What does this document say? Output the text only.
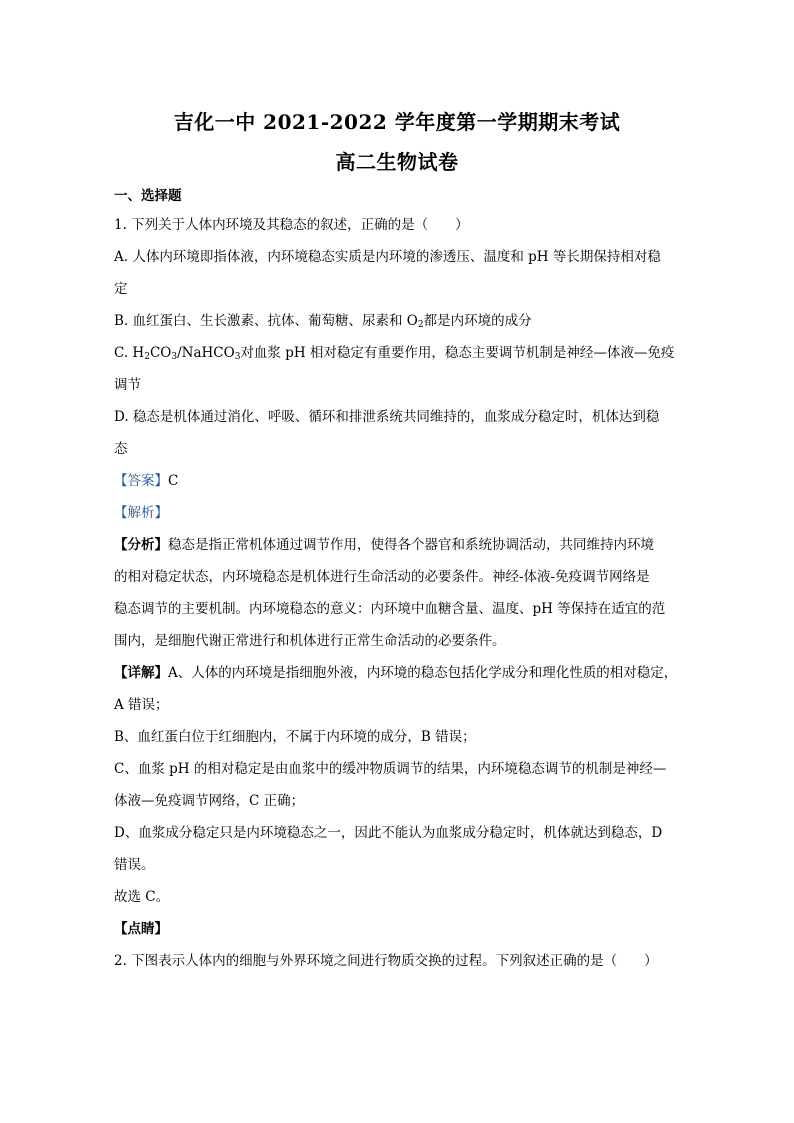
吉化一中 2021-2022 学年度第一学期期末考试
高二生物试卷
一、选择题
1. 下列关于人体内环境及其稳态的叙述，正确的是（　　）
A. 人体内环境即指体液，内环境稳态实质是内环境的渗透压、温度和 pH 等长期保持相对稳
定
B. 血红蛋白、生长激素、抗体、葡萄糖、尿素和 $O_2$都是内环境的成分
C. $H_2CO_3/NaHCO_3$对血浆 pH 相对稳定有重要作用，稳态主要调节机制是神经—体液—免疫
调节
D. 稳态是机体通过消化、呼吸、循环和排泄系统共同维持的，血浆成分稳定时，机体达到稳
态
【答案】C
【解析】
【分析】稳态是指正常机体通过调节作用，使得各个器官和系统协调活动，共同维持内环境
的相对稳定状态，内环境稳态是机体进行生命活动的必要条件。神经-体液-免疫调节网络是
稳态调节的主要机制。内环境稳态的意义：内环境中血糖含量、温度、pH 等保持在适宜的范
围内，是细胞代谢正常进行和机体进行正常生命活动的必要条件。
【详解】A、人体的内环境是指细胞外液，内环境的稳态包括化学成分和理化性质的相对稳定，
A 错误；
B、血红蛋白位于红细胞内，不属于内环境的成分，B 错误；
C、血浆 pH 的相对稳定是由血浆中的缓冲物质调节的结果，内环境稳态调节的机制是神经—
体液—免疫调节网络，C 正确；
D、血浆成分稳定只是内环境稳态之一，因此不能认为血浆成分稳定时，机体就达到稳态，D
错误。
故选 C。
【点睛】
2. 下图表示人体内的细胞与外界环境之间进行物质交换的过程。下列叙述正确的是（　　）
